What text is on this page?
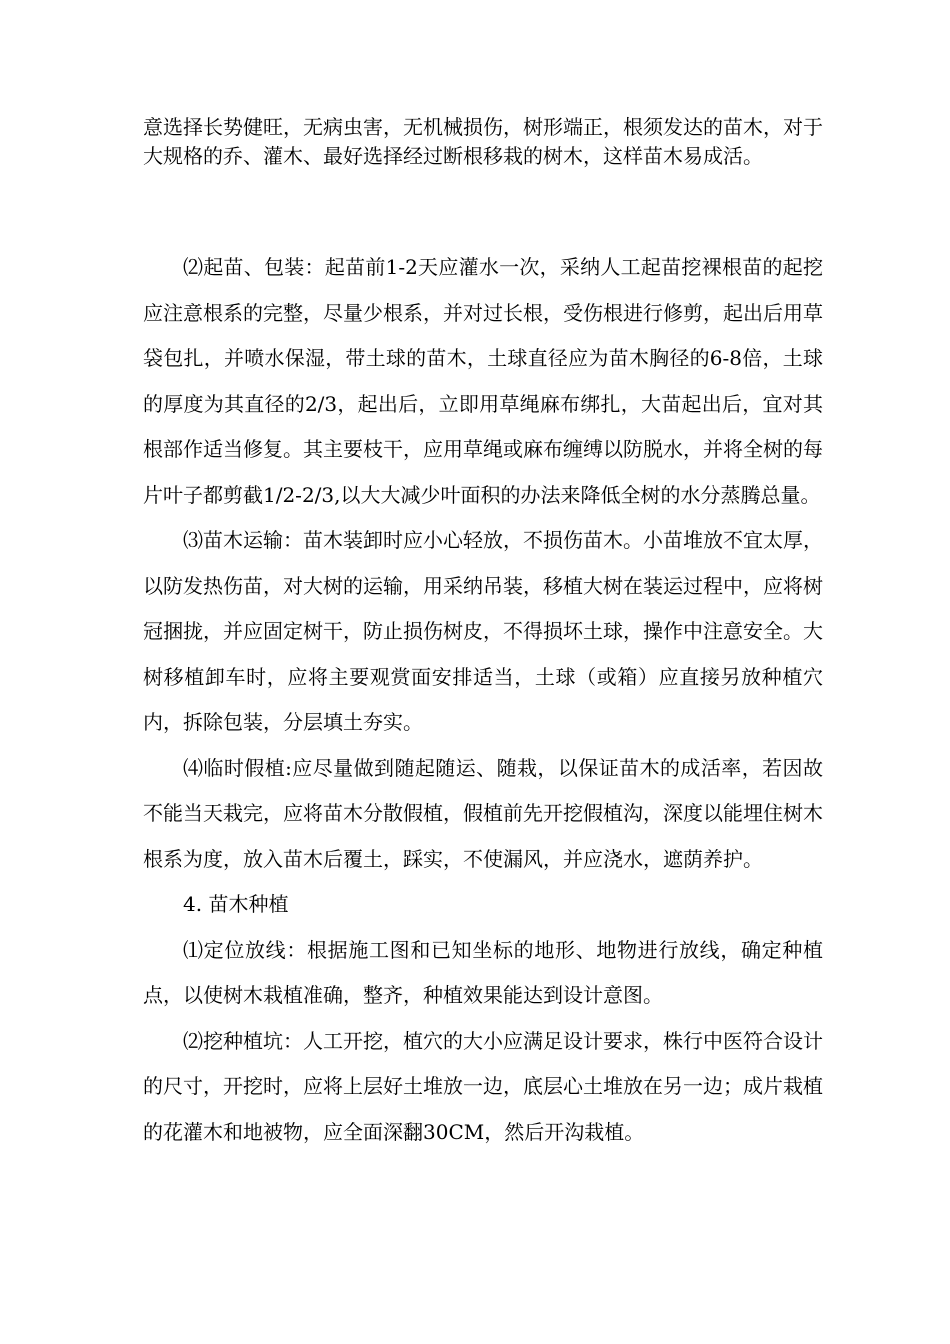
意选择长势健旺，无病虫害，无机械损伤，树形端正，根须发达的苗木，对于大规格的乔、灌木、最好选择经过断根移栽的树木，这样苗木易成活。

⑵起苗、包装：起苗前1-2天应灌水一次，采纳人工起苗挖裸根苗的起挖应注意根系的完整，尽量少根系，并对过长根，受伤根进行修剪，起出后用草袋包扎，并喷水保湿，带土球的苗木，土球直径应为苗木胸径的6-8倍，土球的厚度为其直径的2/3，起出后，立即用草绳麻布绑扎，大苗起出后，宜对其根部作适当修复。其主要枝干，应用草绳或麻布缠缚以防脱水，并将全树的每片叶子都剪截1/2-2/3,以大大减少叶面积的办法来降低全树的水分蒸腾总量。

⑶苗木运输：苗木装卸时应小心轻放，不损伤苗木。小苗堆放不宜太厚，以防发热伤苗，对大树的运输，用采纳吊装，移植大树在装运过程中，应将树冠捆拢，并应固定树干，防止损伤树皮，不得损坏土球，操作中注意安全。大树移植卸车时，应将主要观赏面安排适当，土球（或箱）应直接另放种植穴内，拆除包装，分层填土夯实。

⑷临时假植:应尽量做到随起随运、随栽，以保证苗木的成活率，若因故不能当天栽完，应将苗木分散假植，假植前先开挖假植沟，深度以能埋住树木根系为度，放入苗木后覆土，踩实，不使漏风，并应浇水，遮荫养护。

4. 苗木种植

⑴定位放线：根据施工图和已知坐标的地形、地物进行放线，确定种植点，以使树木栽植准确，整齐，种植效果能达到设计意图。

⑵挖种植坑：人工开挖，植穴的大小应满足设计要求，株行中医符合设计的尺寸，开挖时，应将上层好土堆放一边，底层心土堆放在另一边；成片栽植的花灌木和地被物，应全面深翻30CM，然后开沟栽植。
